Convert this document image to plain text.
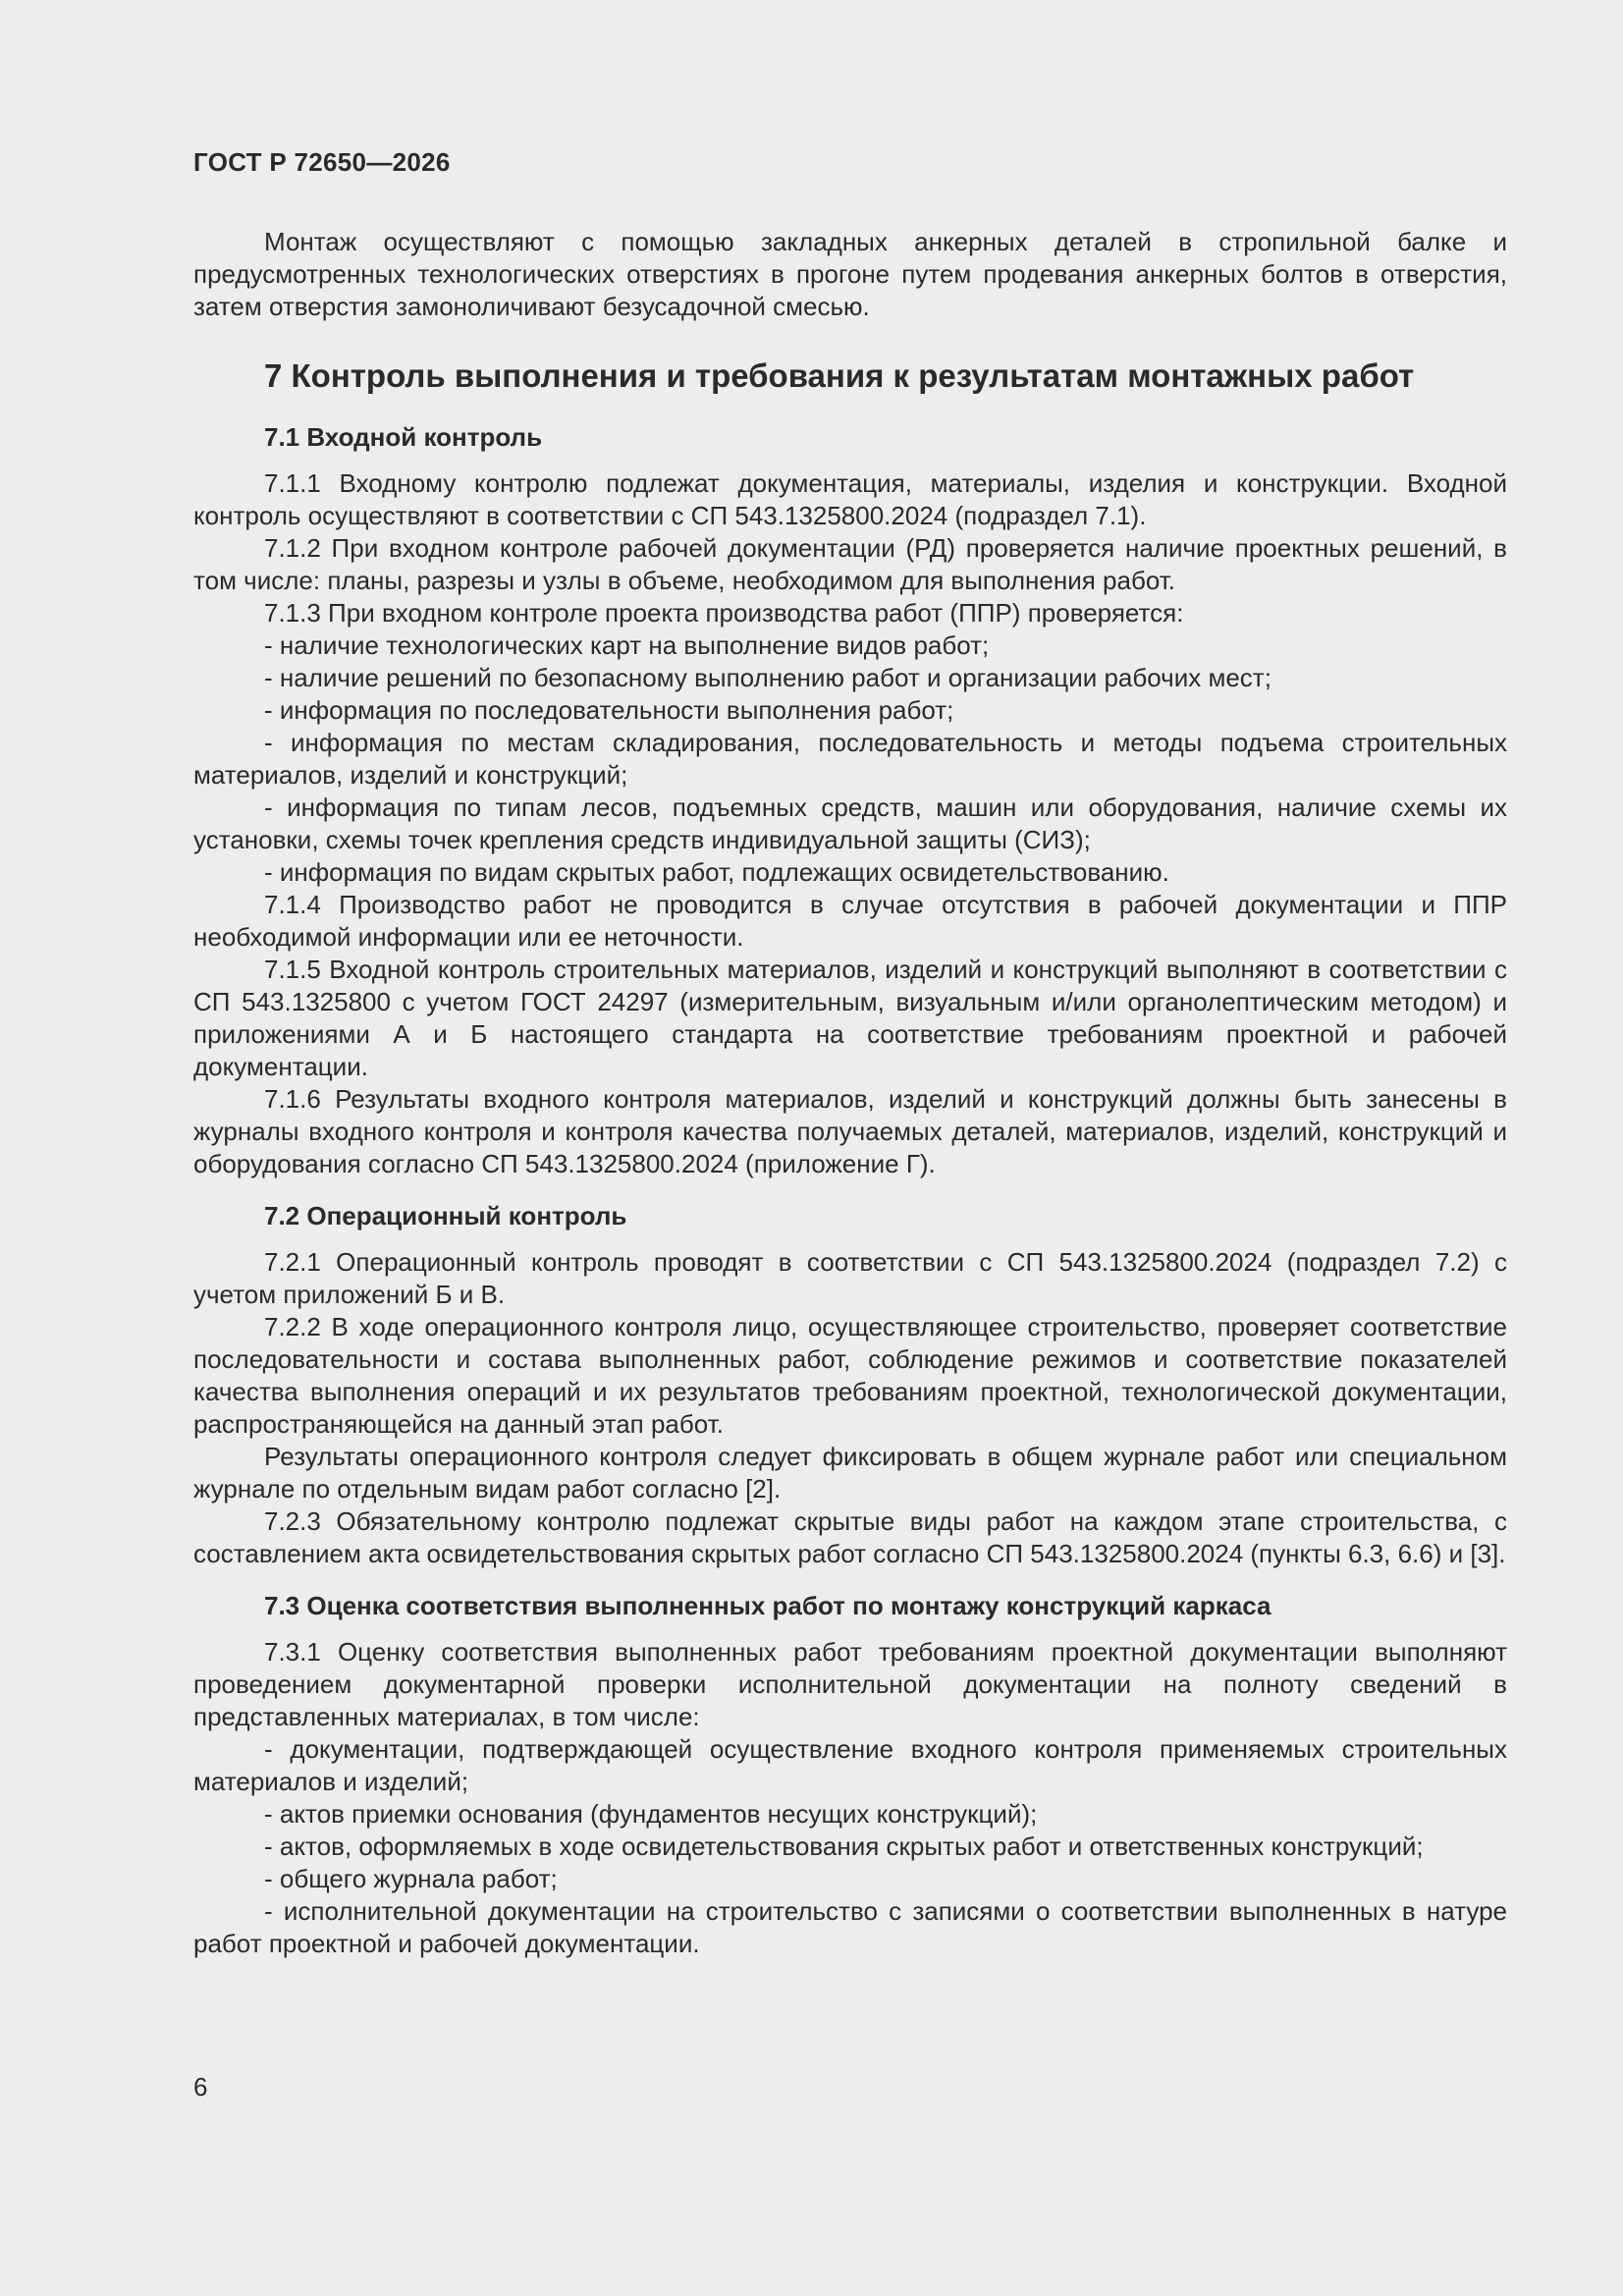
ГОСТ Р 72650—2026

Монтаж осуществляют с помощью закладных анкерных деталей в стропильной балке и предусмотренных технологических отверстиях в прогоне путем продевания анкерных болтов в отверстия, затем отверстия замоноличивают безусадочной смесью.

7 Контроль выполнения и требования к результатам монтажных работ
7.1 Входной контроль

7.1.1 Входному контролю подлежат документация, материалы, изделия и конструкции. Входной контроль осуществляют в соответствии с СП 543.1325800.2024 (подраздел 7.1).

7.1.2 При входном контроле рабочей документации (РД) проверяется наличие проектных решений, в том числе: планы, разрезы и узлы в объеме, необходимом для выполнения работ.

7.1.3 При входном контроле проекта производства работ (ППР) проверяется:

- наличие технологических карт на выполнение видов работ;

- наличие решений по безопасному выполнению работ и организации рабочих мест;

- информация по последовательности выполнения работ;

- информация по местам складирования, последовательность и методы подъема строительных материалов, изделий и конструкций;

- информация по типам лесов, подъемных средств, машин или оборудования, наличие схемы их установки, схемы точек крепления средств индивидуальной защиты (СИЗ);

- информация по видам скрытых работ, подлежащих освидетельствованию.

7.1.4 Производство работ не проводится в случае отсутствия в рабочей документации и ППР необходимой информации или ее неточности.

7.1.5 Входной контроль строительных материалов, изделий и конструкций выполняют в соответствии с СП 543.1325800 с учетом ГОСТ 24297 (измерительным, визуальным и/или органолептическим методом) и приложениями А и Б настоящего стандарта на соответствие требованиям проектной и рабочей документации.

7.1.6 Результаты входного контроля материалов, изделий и конструкций должны быть занесены в журналы входного контроля и контроля качества получаемых деталей, материалов, изделий, конструкций и оборудования согласно СП 543.1325800.2024 (приложение Г).

7.2 Операционный контроль

7.2.1 Операционный контроль проводят в соответствии с СП 543.1325800.2024 (подраздел 7.2) с учетом приложений Б и В.

7.2.2 В ходе операционного контроля лицо, осуществляющее строительство, проверяет соответствие последовательности и состава выполненных работ, соблюдение режимов и соответствие показателей качества выполнения операций и их результатов требованиям проектной, технологической документации, распространяющейся на данный этап работ.

Результаты операционного контроля следует фиксировать в общем журнале работ или специальном журнале по отдельным видам работ согласно [2].

7.2.3 Обязательному контролю подлежат скрытые виды работ на каждом этапе строительства, с составлением акта освидетельствования скрытых работ согласно СП 543.1325800.2024 (пункты 6.3, 6.6) и [3].

7.3 Оценка соответствия выполненных работ по монтажу конструкций каркаса

7.3.1 Оценку соответствия выполненных работ требованиям проектной документации выполняют проведением документарной проверки исполнительной документации на полноту сведений в представленных материалах, в том числе:

- документации, подтверждающей осуществление входного контроля применяемых строительных материалов и изделий;

- актов приемки основания (фундаментов несущих конструкций);

- актов, оформляемых в ходе освидетельствования скрытых работ и ответственных конструкций;

- общего журнала работ;

- исполнительной документации на строительство с записями о соответствии выполненных в натуре работ проектной и рабочей документации.

6
